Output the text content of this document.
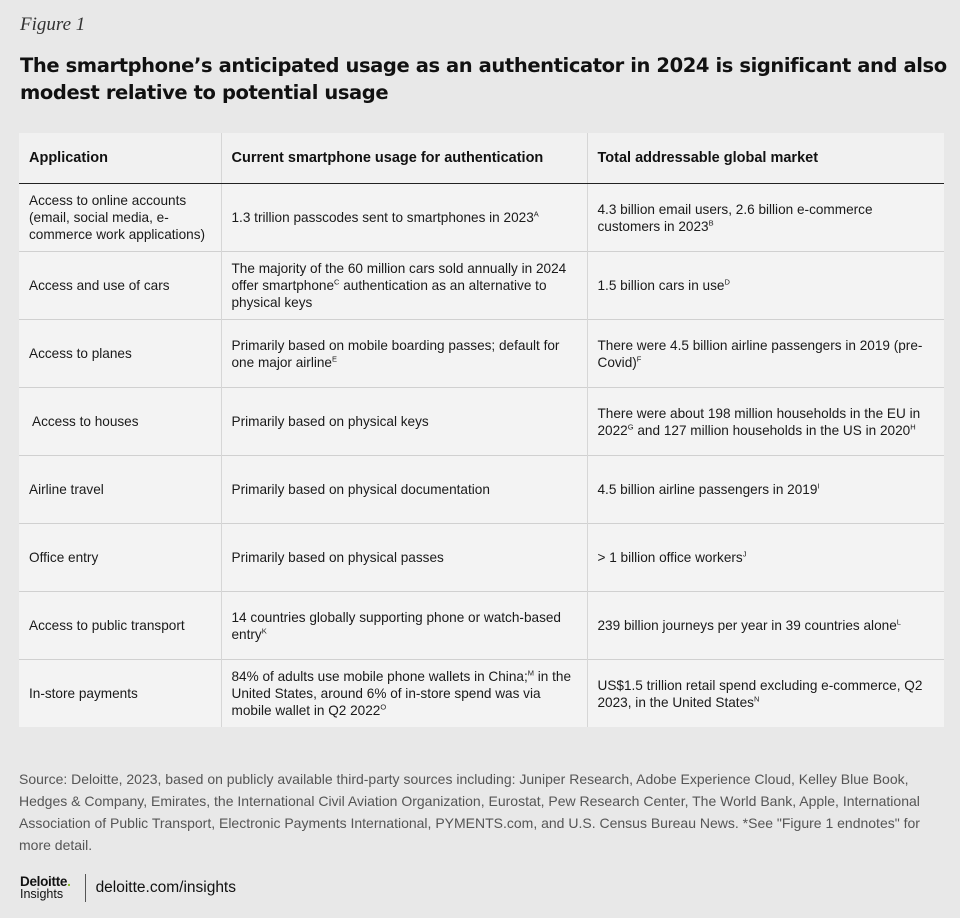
Figure 1
The smartphone’s anticipated usage as an authenticator in 2024 is significant and also modest relative to potential usage
Application	Current smartphone usage for authentication	Total addressable global market
Access to online accounts (email, social media, e-commerce work applications)	1.3 trillion passcodes sent to smartphones in $2023^A$	4.3 billion email users, 2.6 billion e-commerce customers in $2023^B$
Access and use of cars	The majority of the 60 million cars sold annually in 2024 offer smartphone$^C$ authentication as an alternative to physical keys	1.5 billion cars in use$^D$
Access to planes	Primarily based on mobile boarding passes; default for one major airline$^E$	There were 4.5 billion airline passengers in 2019 (pre-Covid)$^F$
Access to houses	Primarily based on physical keys	There were about 198 million households in the EU in $2022^G$ and 127 million households in the US in $2020^H$
Airline travel	Primarily based on physical documentation	4.5 billion airline passengers in $2019^I$
Office entry	Primarily based on physical passes	> 1 billion office workers$^J$
Access to public transport	14 countries globally supporting phone or watch-based entry$^K$	239 billion journeys per year in 39 countries alone$^L$
In-store payments	84% of adults use mobile phone wallets in China;$^M$ in the United States, around 6% of in-store spend was via mobile wallet in Q2 $2022^O$	US$1.5 trillion retail spend excluding e-commerce, Q2 2023, in the United States$^N$

Source: Deloitte, 2023, based on publicly available third-party sources including: Juniper Research, Adobe Experience Cloud, Kelley Blue Book, Hedges & Company, Emirates, the International Civil Aviation Organization, Eurostat, Pew Research Center, The World Bank, Apple, International Association of Public Transport, Electronic Payments International, PYMENTS.com, and U.S. Census Bureau News. *See "Figure 1 endnotes" for more detail.

Deloitte.
Insights	deloitte.com/insights
